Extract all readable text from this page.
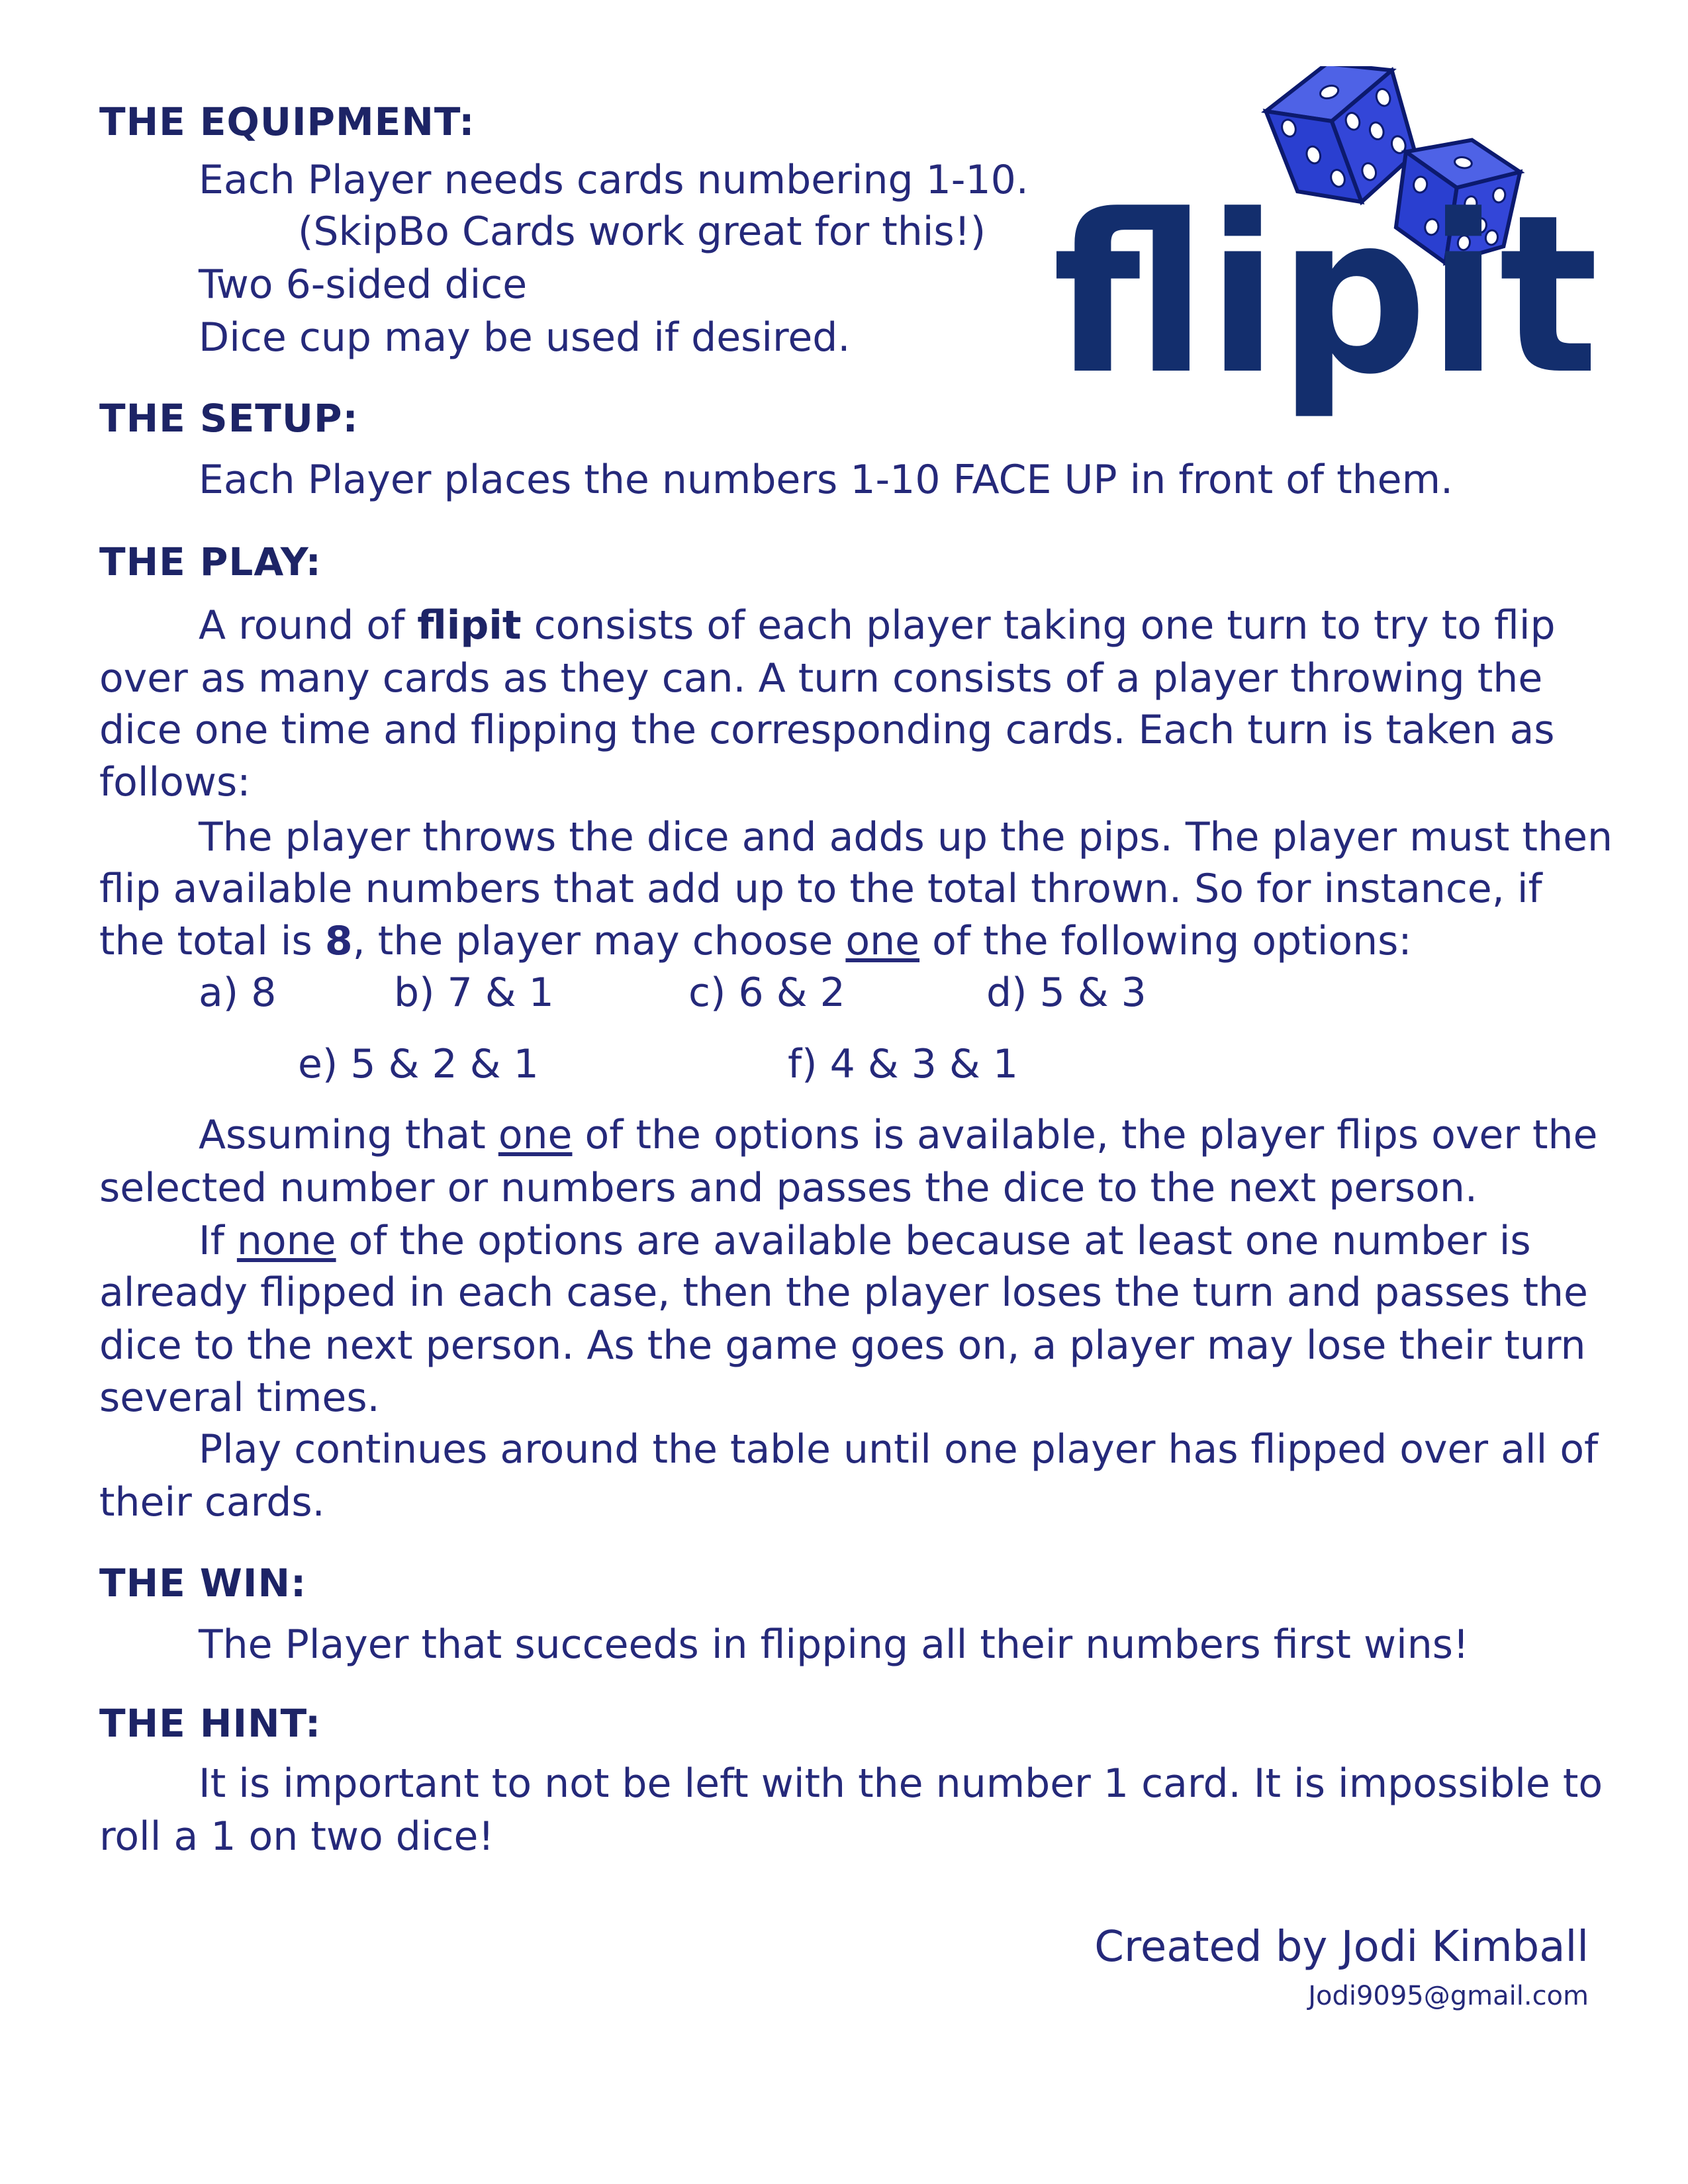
flipit
THE EQUIPMENT:
Each Player needs cards numbering 1-10.
(SkipBo Cards work great for this!)
Two 6-sided dice
Dice cup may be used if desired.
THE SETUP:
Each Player places the numbers 1-10 FACE UP in front of them.
THE PLAY:
A round of flipit consists of each player taking one turn to try to flip
over as many cards as they can. A turn consists of a player throwing the
dice one time and flipping the corresponding cards. Each turn is taken as
follows:
The player throws the dice and adds up the pips. The player must then
flip available numbers that add up to the total thrown. So for instance, if
the total is 8, the player may choose one of the following options:
a) 8	b) 7 & 1	c) 6 & 2	d) 5 & 3
e) 5 & 2 & 1	f) 4 & 3 & 1
Assuming that one of the options is available, the player flips over the
selected number or numbers and passes the dice to the next person.
If none of the options are available because at least one number is
already flipped in each case, then the player loses the turn and passes the
dice to the next person. As the game goes on, a player may lose their turn
several times.
Play continues around the table until one player has flipped over all of
their cards.
THE WIN:
The Player that succeeds in flipping all their numbers first wins!
THE HINT:
It is important to not be left with the number 1 card. It is impossible to
roll a 1 on two dice!
Created by Jodi Kimball
Jodi9095@gmail.com
